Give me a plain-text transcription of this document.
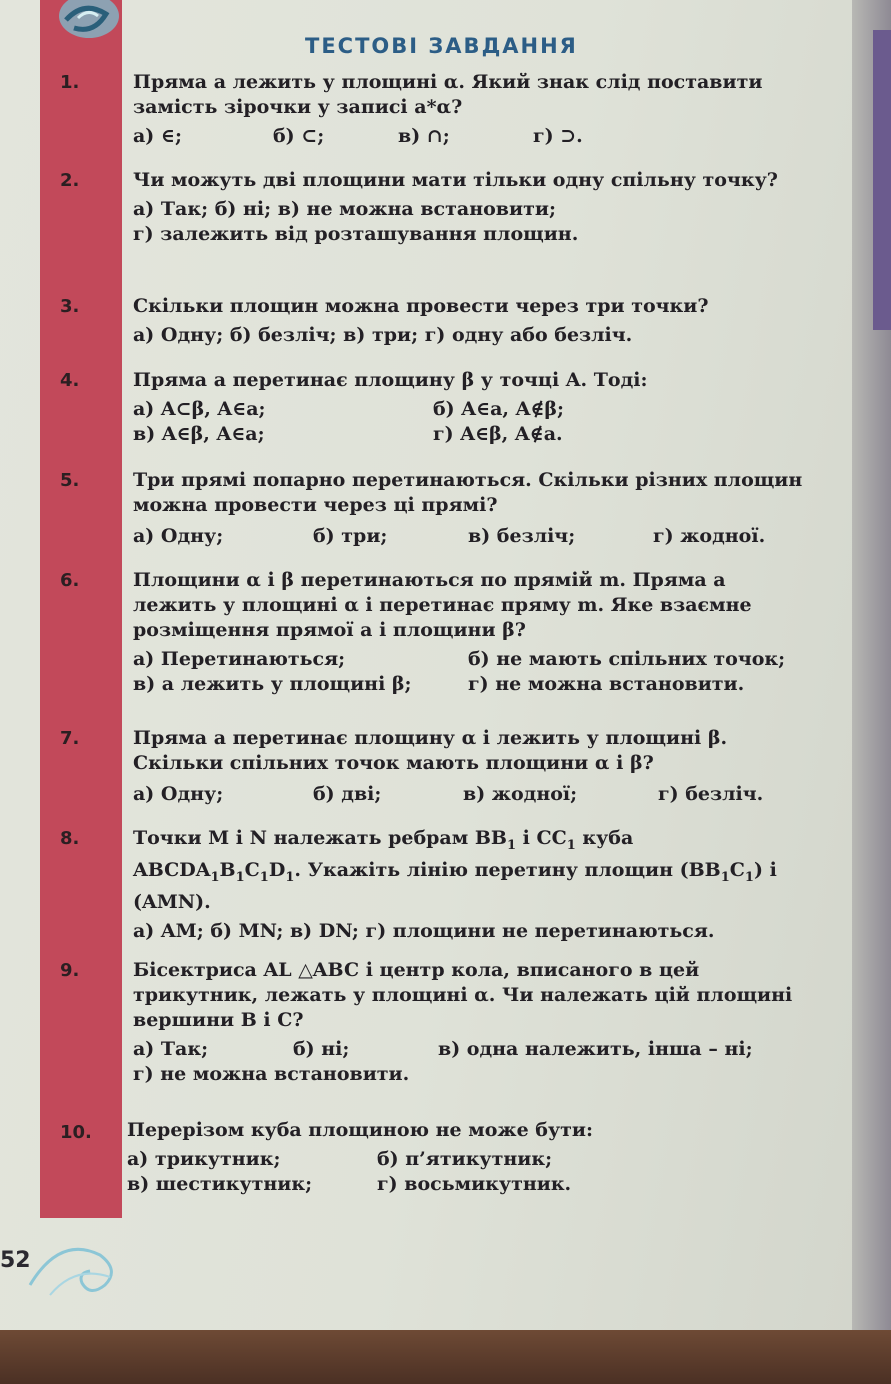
ТЕСТОВІ ЗАВДАННЯ
1.	Пряма a лежить у площині α. Який знак слід поставити замість зірочки у записі a*α?
а) ∈;	б) ⊂;	в) ∩;	г) ⊃.
2.	Чи можуть дві площини мати тільки одну спільну точку?
а) Так; б) ні; в) не можна встановити;
г) залежить від розташування площин.
3.	Скільки площин можна провести через три точки?
а) Одну; б) безліч; в) три; г) одну або безліч.
4.	Пряма a перетинає площину β у точці A. Тоді:
а) A⊂β, A∈a;	б) A∈a, A∉β;
в) A∈β, A∈a;	г) A∈β, A∉a.
5.	Три прямі попарно перетинаються. Скільки різних площин можна провести через ці прямі?
а) Одну;	б) три;	в) безліч;	г) жодної.
6.	Площини α і β перетинаються по прямій m. Пряма a лежить у площині α і перетинає пряму m. Яке взаємне розміщення прямої a і площини β?
а) Перетинаються;	б) не мають спільних точок;
в) a лежить у площині β;	г) не можна встановити.
7.	Пряма a перетинає площину α і лежить у площині β. Скільки спільних точок мають площини α і β?
а) Одну;	б) дві;	в) жодної;	г) безліч.
8.	Точки M і N належать ребрам $BB_1$ і $CC_1$ куба $ABCDA_1B_1C_1D_1$. Укажіть лінію перетину площин $(BB_1C_1)$ і (AMN).
а) AM; б) MN; в) DN; г) площини не перетинаються.
9.	Бісектриса AL △ABC і центр кола, вписаного в цей трикутник, лежать у площині α. Чи належать цій площині вершини B і C?
а) Так;	б) ні;	в) одна належить, інша – ні;
г) не можна встановити.
10.	Перерізом куба площиною не може бути:
а) трикутник;	б) п’ятикутник;
в) шестикутник;	г) восьмикутник.
52
